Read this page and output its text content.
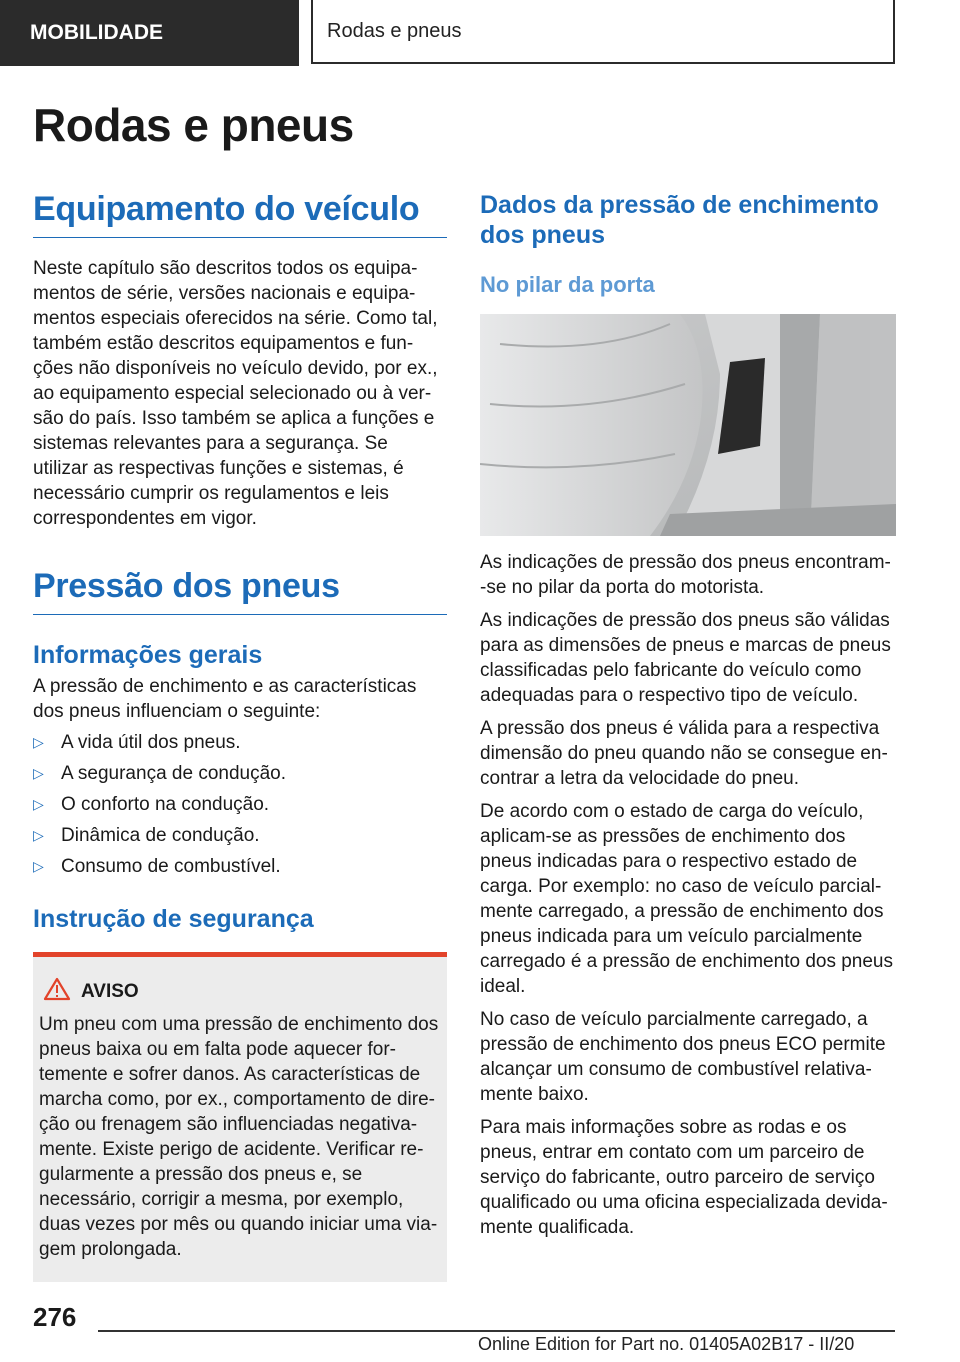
MOBILIDADE	Rodas e pneus
Rodas e pneus
Equipamento do veículo

Neste capítulo são descritos todos os equipa-mentos de série, versões nacionais e equipa-mentos especiais oferecidos na série. Como tal, também estão descritos equipamentos e fun-ções não disponíveis no veículo devido, por ex., ao equipamento especial selecionado ou à ver-são do país. Isso também se aplica a funções e sistemas relevantes para a segurança. Se utilizar as respectivas funções e sistemas, é necessário cumprir os regulamentos e leis correspondentes em vigor.

Pressão dos pneus
Informações gerais

A pressão de enchimento e as características dos pneus influenciam o seguinte:

▷ A vida útil dos pneus.
▷ A segurança de condução.
▷ O conforto na condução.
▷ Dinâmica de condução.
▷ Consumo de combustível.
Instrução de segurança
AVISO

Um pneu com uma pressão de enchimento dos pneus baixa ou em falta pode aquecer for-temente e sofrer danos. As características de marcha como, por ex., comportamento de dire-ção ou frenagem são influenciadas negativa-mente. Existe perigo de acidente. Verificar re-gularmente a pressão dos pneus e, se necessário, corrigir a mesma, por exemplo, duas vezes por mês ou quando iniciar uma via-gem prolongada.

Dados da pressão de enchimento dos pneus
No pilar da porta

As indicações de pressão dos pneus encontram--se no pilar da porta do motorista.

As indicações de pressão dos pneus são válidas para as dimensões de pneus e marcas de pneus classificadas pelo fabricante do veículo como adequadas para o respectivo tipo de veículo.

A pressão dos pneus é válida para a respectiva dimensão do pneu quando não se consegue en-contrar a letra da velocidade do pneu.

De acordo com o estado de carga do veículo, aplicam-se as pressões de enchimento dos pneus indicadas para o respectivo estado de carga. Por exemplo: no caso de veículo parcial-mente carregado, a pressão de enchimento dos pneus indicada para um veículo parcialmente carregado é a pressão de enchimento dos pneus ideal.

No caso de veículo parcialmente carregado, a pressão de enchimento dos pneus ECO permite alcançar um consumo de combustível relativa-mente baixo.

Para mais informações sobre as rodas e os pneus, entrar em contato com um parceiro de serviço do fabricante, outro parceiro de serviço qualificado ou uma oficina especializada devida-mente qualificada.

276
Online Edition for Part no. 01405A02B17 - II/20
